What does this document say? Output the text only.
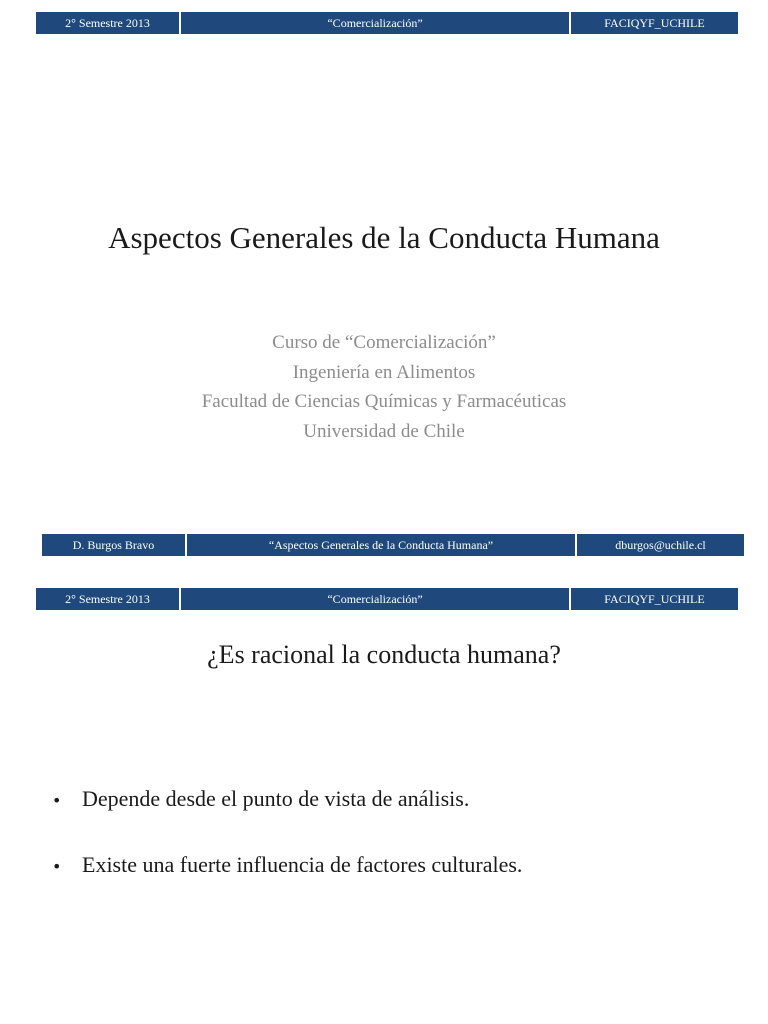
2° Semestre 2013	“Comercialización”	FACIQYF_UCHILE
Aspectos Generales de la Conducta Humana
Curso de “Comercialización”
Ingeniería en Alimentos
Facultad de Ciencias Químicas y Farmacéuticas
Universidad de Chile
D. Burgos Bravo	“Aspectos Generales de la Conducta Humana”	dburgos@uchile.cl
2° Semestre 2013	“Comercialización”	FACIQYF_UCHILE
¿Es racional la conducta humana?
• Depende desde el punto de vista de análisis.
• Existe una fuerte influencia de factores culturales.
